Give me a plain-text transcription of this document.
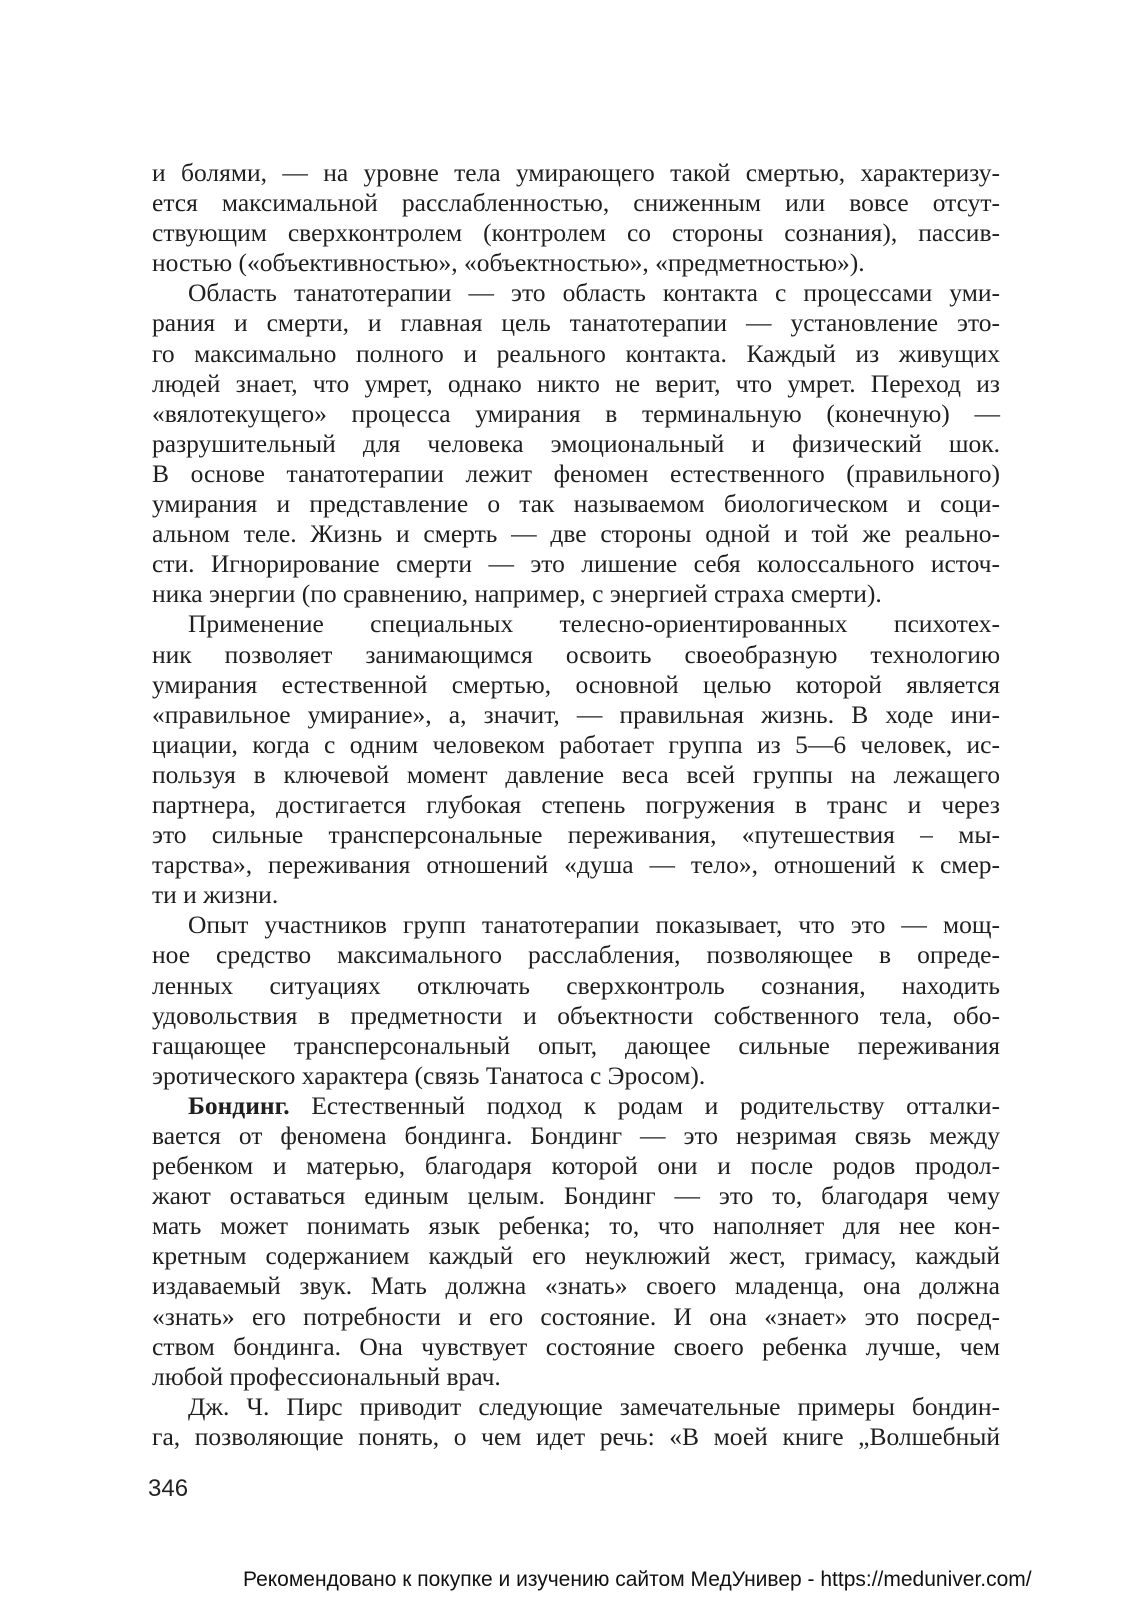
и болями, — на уровне тела умирающего такой смертью, характеризу-
ется максимальной расслабленностью, сниженным или вовсе отсут-
ствующим сверхконтролем (контролем со стороны сознания), пассив-
ностью («объективностью», «объектностью», «предметностью»).
Область танатотерапии — это область контакта с процессами уми-
рания и смерти, и главная цель танатотерапии — установление это-
го максимально полного и реального контакта. Каждый из живущих
людей знает, что умрет, однако никто не верит, что умрет. Переход из
«вялотекущего» процесса умирания в терминальную (конечную) —
разрушительный для человека эмоциональный и физический шок.
В основе танатотерапии лежит феномен естественного (правильного)
умирания и представление о так называемом биологическом и соци-
альном теле. Жизнь и смерть — две стороны одной и той же реально-
сти. Игнорирование смерти — это лишение себя колоссального источ-
ника энергии (по сравнению, например, с энергией страха смерти).
Применение специальных телесно-ориентированных психотех-
ник позволяет занимающимся освоить своеобразную технологию
умирания естественной смертью, основной целью которой является
«правильное умирание», а, значит, — правильная жизнь. В ходе ини-
циации, когда с одним человеком работает группа из 5—6 человек, ис-
пользуя в ключевой момент давление веса всей группы на лежащего
партнера, достигается глубокая степень погружения в транс и через
это сильные трансперсональные переживания, «путешествия – мы-
тарства», переживания отношений «душа — тело», отношений к смер-
ти и жизни.
Опыт участников групп танатотерапии показывает, что это — мощ-
ное средство максимального расслабления, позволяющее в опреде-
ленных ситуациях отключать сверхконтроль сознания, находить
удовольствия в предметности и объектности собственного тела, обо-
гащающее трансперсональный опыт, дающее сильные переживания
эротического характера (связь Танатоса с Эросом).
Бондинг. Естественный подход к родам и родительству отталки-
вается от феномена бондинга. Бондинг — это незримая связь между
ребенком и матерью, благодаря которой они и после родов продол-
жают оставаться единым целым. Бондинг — это то, благодаря чему
мать может понимать язык ребенка; то, что наполняет для нее кон-
кретным содержанием каждый его неуклюжий жест, гримасу, каждый
издаваемый звук. Мать должна «знать» своего младенца, она должна
«знать» его потребности и его состояние. И она «знает» это посред-
ством бондинга. Она чувствует состояние своего ребенка лучше, чем
любой профессиональный врач.
Дж. Ч. Пирс приводит следующие замечательные примеры бондин-
га, позволяющие понять, о чем идет речь: «В моей книге „Волшебный
346
Рекомендовано к покупке и изучению сайтом МедУнивер - https://meduniver.com/
